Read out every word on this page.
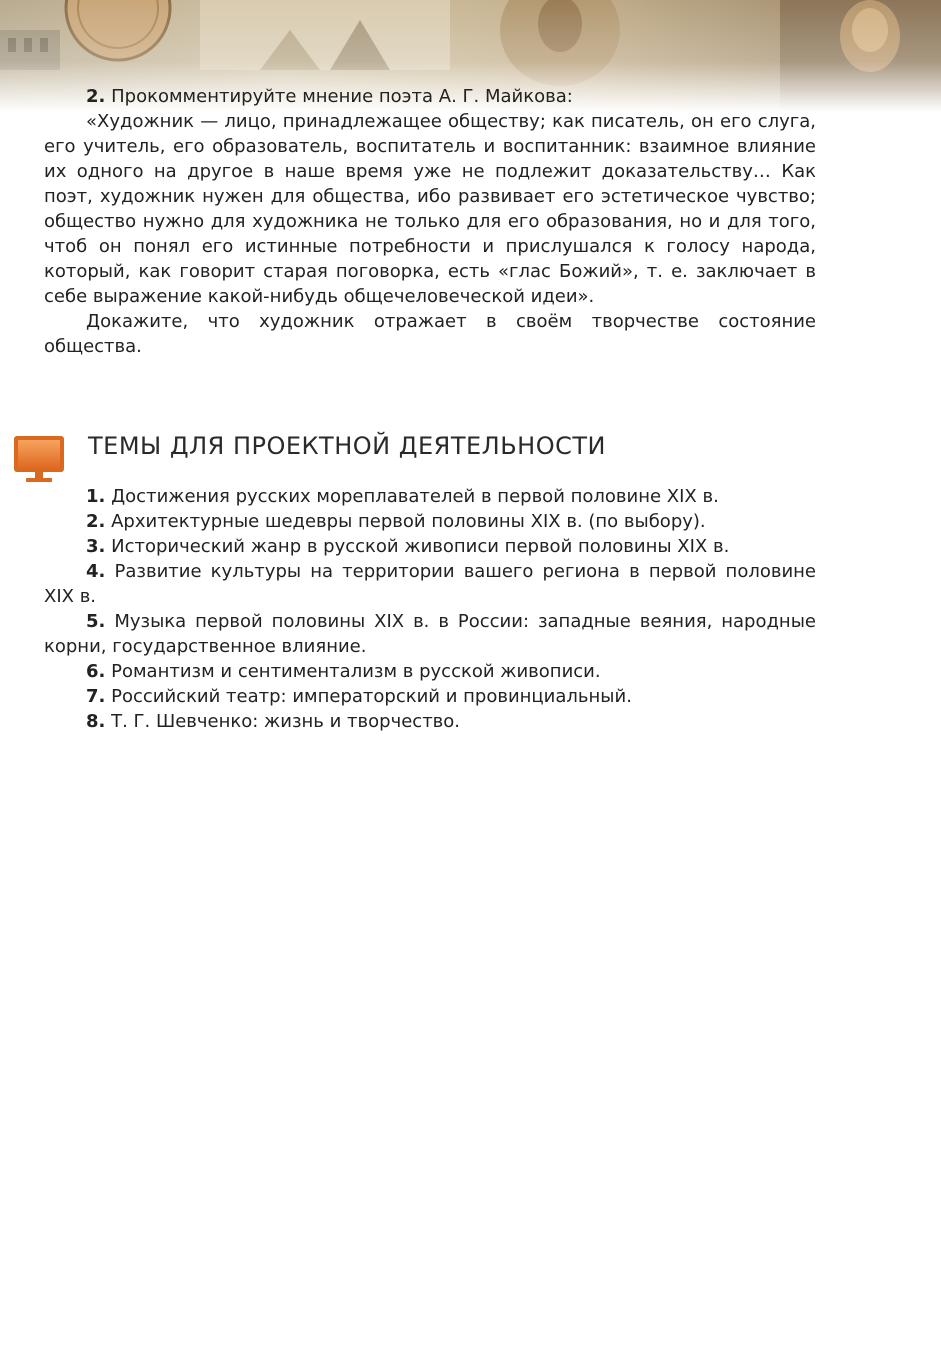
2. Прокомментируйте мнение поэта А. Г. Майкова:

«Художник — лицо, принадлежащее обществу; как писатель, он его слуга, его учитель, его образователь, воспитатель и воспитанник: взаимное влияние их одного на другое в наше время уже не подлежит доказательству… Как поэт, художник нужен для общества, ибо развивает его эстетическое чувство; общество нужно для художника не только для его образования, но и для того, чтоб он понял его истинные потребности и прислушался к голосу народа, который, как говорит старая поговорка, есть «глас Божий», т. е. заключает в себе выражение какой-нибудь общечеловеческой идеи».

Докажите, что художник отражает в своём творчестве состояние общества.

ТЕМЫ ДЛЯ ПРОЕКТНОЙ ДЕЯТЕЛЬНОСТИ

1. Достижения русских мореплавателей в первой половине XIX в.

2. Архитектурные шедевры первой половины XIX в. (по выбору).

3. Исторический жанр в русской живописи первой половины XIX в.

4. Развитие культуры на территории вашего региона в первой половине XIX в.

5. Музыка первой половины XIX в. в России: западные веяния, народные корни, государственное влияние.

6. Романтизм и сентиментализм в русской живописи.

7. Российский театр: императорский и провинциальный.

8. Т. Г. Шевченко: жизнь и творчество.
